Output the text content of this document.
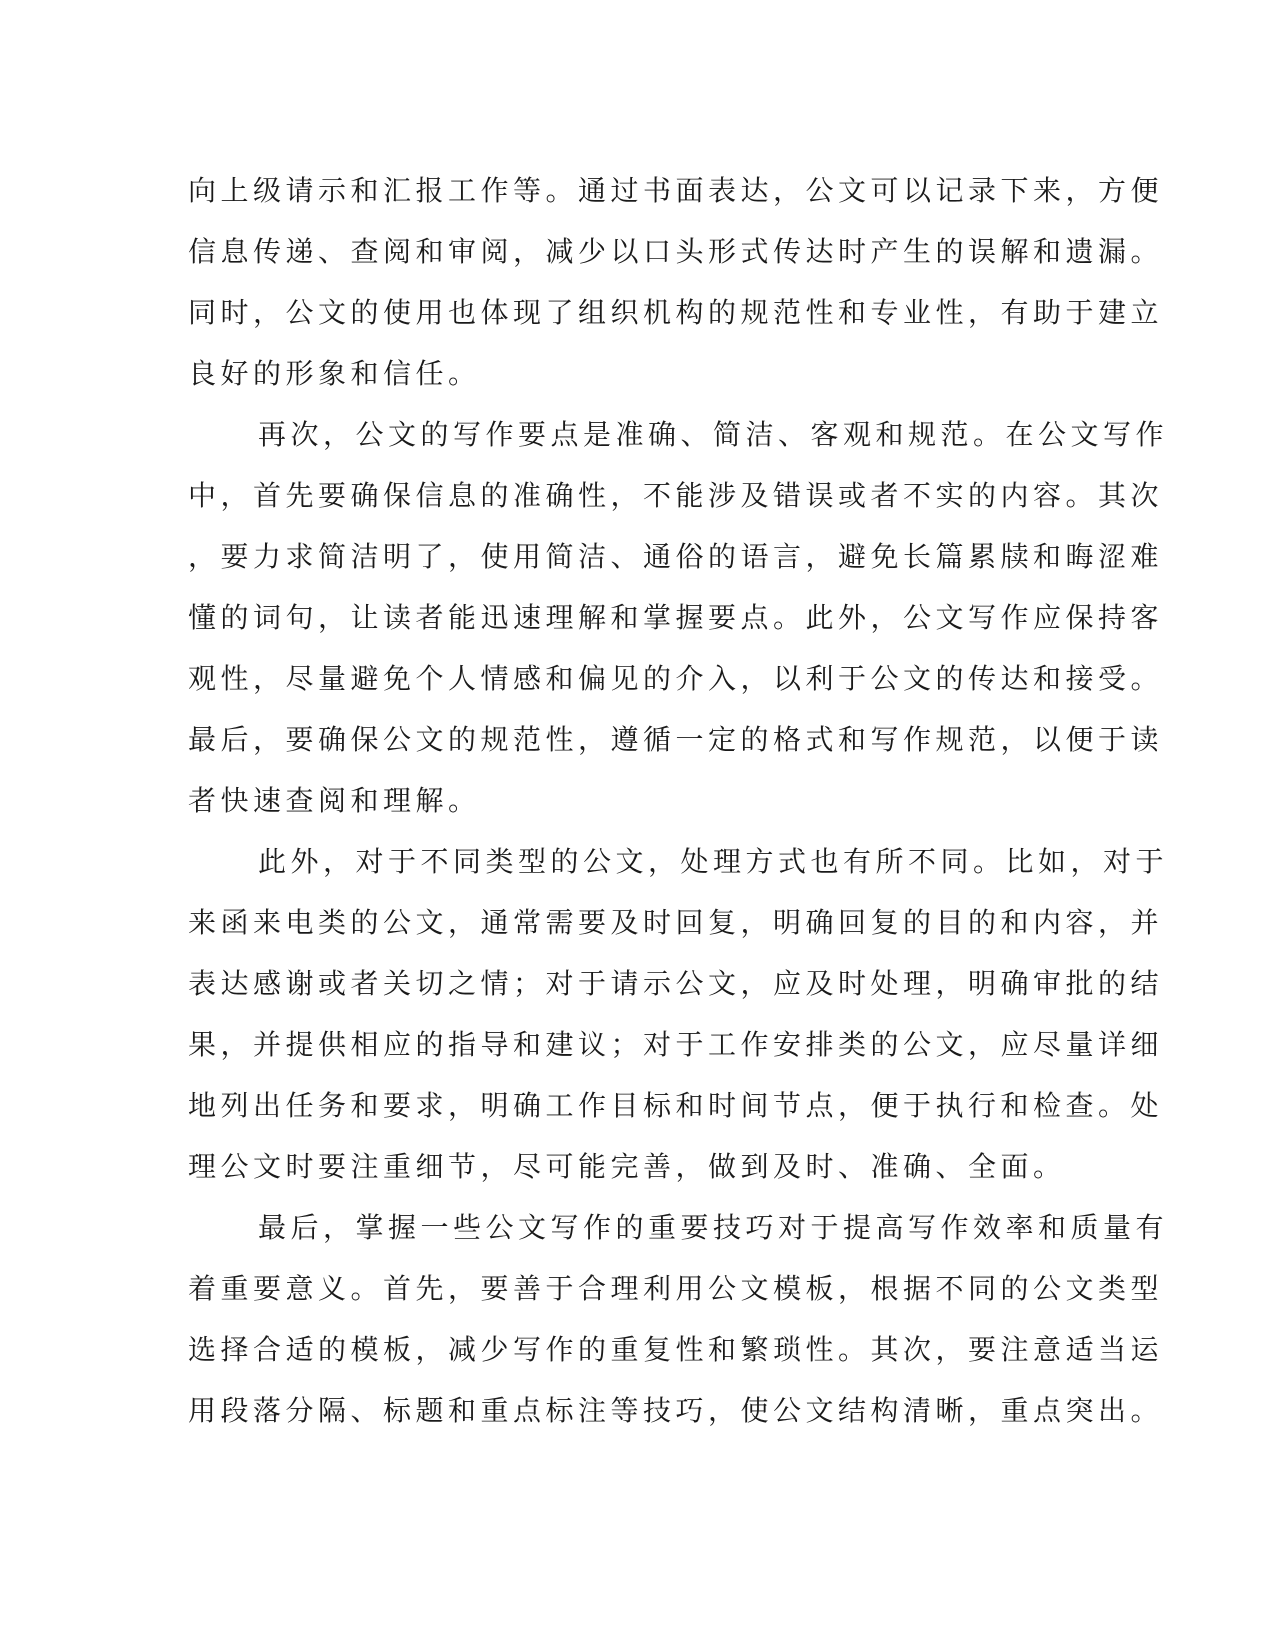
向上级请示和汇报工作等。通过书面表达，公文可以记录下来，方便

信息传递、查阅和审阅，减少以口头形式传达时产生的误解和遗漏。

同时，公文的使用也体现了组织机构的规范性和专业性，有助于建立

良好的形象和信任。

再次，公文的写作要点是准确、简洁、客观和规范。在公文写作

中，首先要确保信息的准确性，不能涉及错误或者不实的内容。其次

，要力求简洁明了，使用简洁、通俗的语言，避免长篇累牍和晦涩难

懂的词句，让读者能迅速理解和掌握要点。此外，公文写作应保持客

观性，尽量避免个人情感和偏见的介入，以利于公文的传达和接受。

最后，要确保公文的规范性，遵循一定的格式和写作规范，以便于读

者快速查阅和理解。

此外，对于不同类型的公文，处理方式也有所不同。比如，对于

来函来电类的公文，通常需要及时回复，明确回复的目的和内容，并

表达感谢或者关切之情；对于请示公文，应及时处理，明确审批的结

果，并提供相应的指导和建议；对于工作安排类的公文，应尽量详细

地列出任务和要求，明确工作目标和时间节点，便于执行和检查。处

理公文时要注重细节，尽可能完善，做到及时、准确、全面。

最后，掌握一些公文写作的重要技巧对于提高写作效率和质量有

着重要意义。首先，要善于合理利用公文模板，根据不同的公文类型

选择合适的模板，减少写作的重复性和繁琐性。其次，要注意适当运

用段落分隔、标题和重点标注等技巧，使公文结构清晰，重点突出。
